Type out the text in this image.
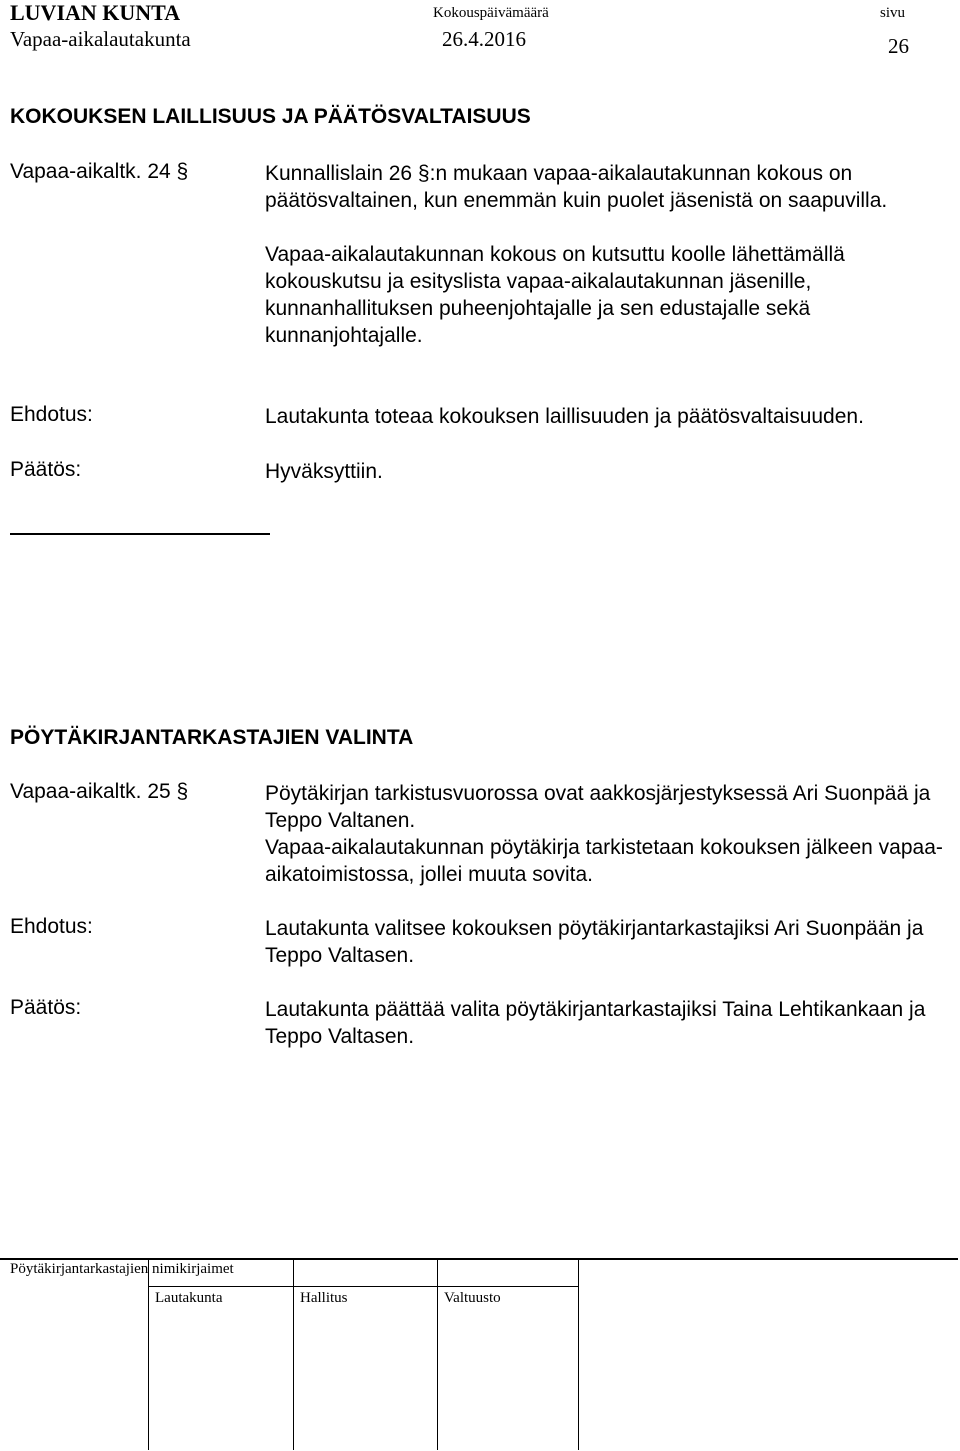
LUVIAN KUNTA
Vapaa-aikalautakunta
Kokouspäivämäärä
26.4.2016
sivu
26
KOKOUKSEN LAILLISUUS JA PÄÄTÖSVALTAISUUS
Vapaa-aikaltk. 24 §	Kunnallislain 26 §:n mukaan vapaa-aikalautakunnan kokous on päätösvaltainen, kun enemmän kuin puolet jäsenistä on saapuvilla.

Vapaa-aikalautakunnan kokous on kutsuttu koolle lähettämällä kokouskutsu ja esityslista vapaa-aikalautakunnan jäsenille, kunnanhallituksen puheenjohtajalle ja sen edustajalle sekä kunnanjohtajalle.

Ehdotus:	Lautakunta toteaa kokouksen laillisuuden ja päätösvaltaisuuden.
Päätös:	Hyväksyttiin.
PÖYTÄKIRJANTARKASTAJIEN VALINTA
Vapaa-aikaltk. 25 §	Pöytäkirjan tarkistusvuorossa ovat aakkosjärjestyksessä Ari Suonpää ja Teppo Valtanen.

Vapaa-aikalautakunnan pöytäkirja tarkistetaan kokouksen jälkeen vapaa-aikatoimistossa, jollei muuta sovita.

Ehdotus:	Lautakunta valitsee kokouksen pöytäkirjantarkastajiksi Ari Suonpään ja Teppo Valtasen.
Päätös:	Lautakunta päättää valita pöytäkirjantarkastajiksi Taina Lehtikankaan ja Teppo Valtasen.
Pöytäkirjantarkastajien nimikirjaimet
Lautakunta	Hallitus	Valtuusto
